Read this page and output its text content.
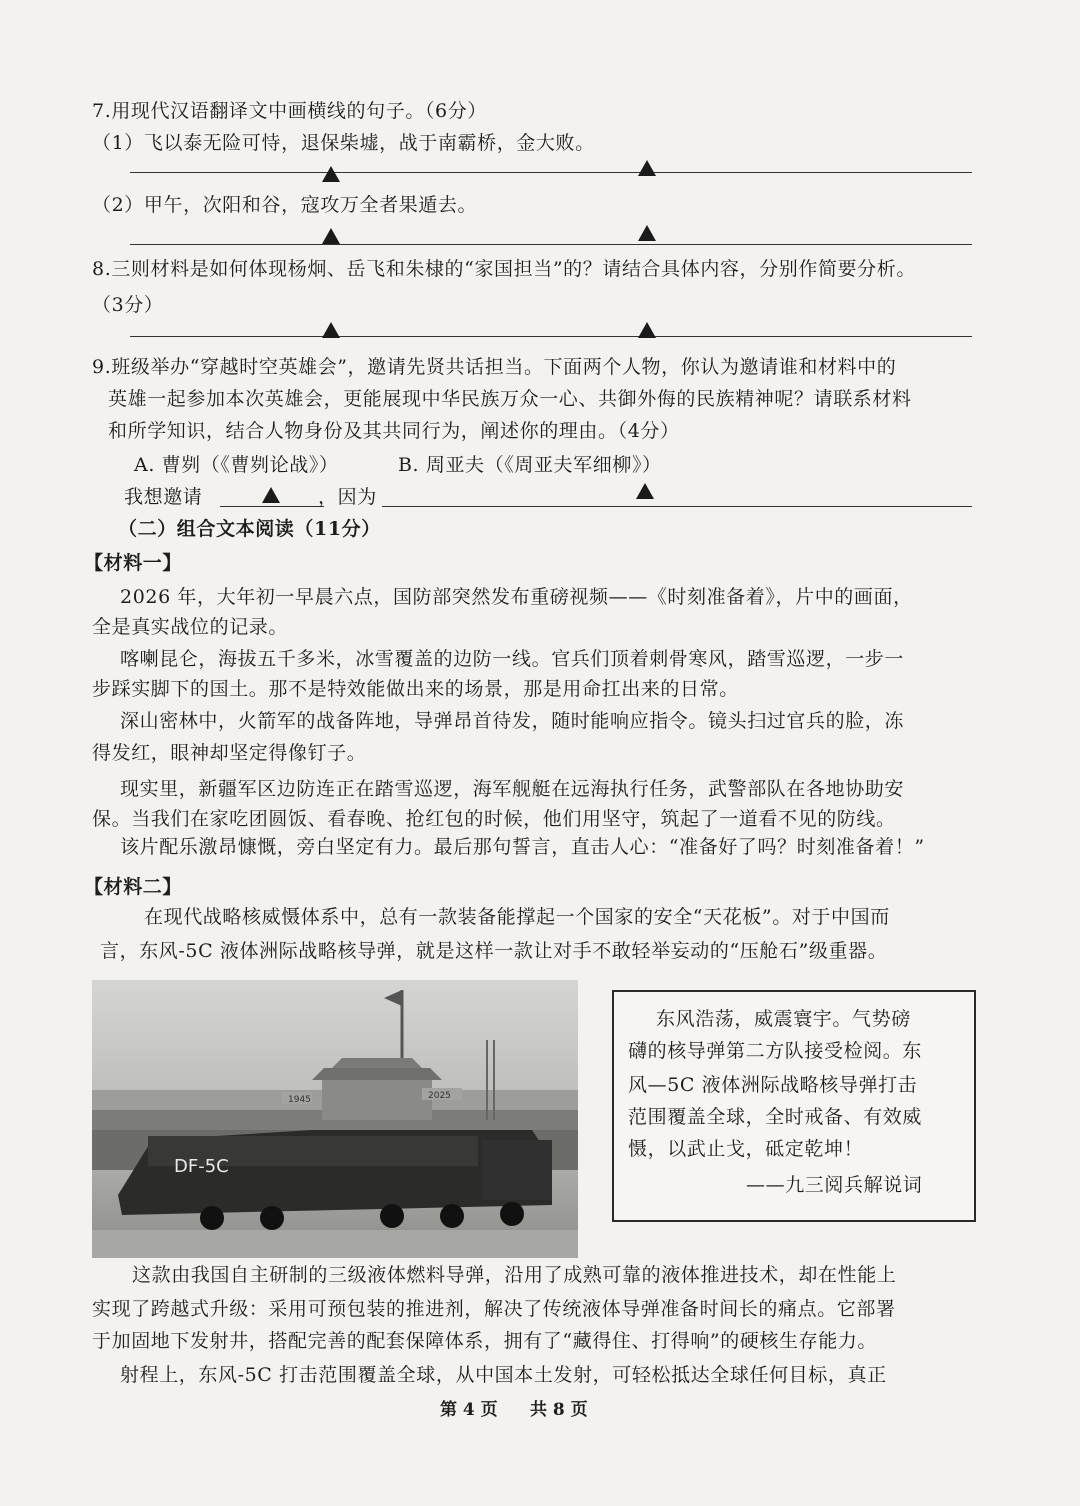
7.用现代汉语翻译文中画横线的句子。（6分）
（1）飞以泰无险可恃，退保柴墟，战于南霸桥，金大败。
（2）甲午，次阳和谷，寇攻万全者果遁去。
8.三则材料是如何体现杨炯、岳飞和朱棣的“家国担当”的？请结合具体内容，分别作简要分析。
（3分）
9.班级举办“穿越时空英雄会”，邀请先贤共话担当。下面两个人物，你认为邀请谁和材料中的
英雄一起参加本次英雄会，更能展现中华民族万众一心、共御外侮的民族精神呢？请联系材料
和所学知识，结合人物身份及其共同行为，阐述你的理由。（4分）
A. 曹刿（《曹刿论战》）	B. 周亚夫（《周亚夫军细柳》）
我想邀请	，因为
（二）组合文本阅读（11分）
【材料一】
2026 年，大年初一早晨六点，国防部突然发布重磅视频——《时刻准备着》，片中的画面，
全是真实战位的记录。
喀喇昆仑，海拔五千多米，冰雪覆盖的边防一线。官兵们顶着刺骨寒风，踏雪巡逻，一步一
步踩实脚下的国土。那不是特效能做出来的场景，那是用命扛出来的日常。
深山密林中，火箭军的战备阵地，导弹昂首待发，随时能响应指令。镜头扫过官兵的脸，冻
得发红，眼神却坚定得像钉子。
现实里，新疆军区边防连正在踏雪巡逻，海军舰艇在远海执行任务，武警部队在各地协助安
保。当我们在家吃团圆饭、看春晚、抢红包的时候，他们用坚守，筑起了一道看不见的防线。
该片配乐激昂慷慨，旁白坚定有力。最后那句誓言，直击人心：“准备好了吗？时刻准备着！”
【材料二】
在现代战略核威慑体系中，总有一款装备能撑起一个国家的安全“天花板”。对于中国而
言，东风-5C 液体洲际战略核导弹，就是这样一款让对手不敢轻举妄动的“压舱石”级重器。
1945	2025
DF-5C
东风浩荡，威震寰宇。气势磅
礴的核导弹第二方队接受检阅。东
风—5C 液体洲际战略核导弹打击
范围覆盖全球，全时戒备、有效威
慑，以武止戈，砥定乾坤！
——九三阅兵解说词
这款由我国自主研制的三级液体燃料导弹，沿用了成熟可靠的液体推进技术，却在性能上
实现了跨越式升级：采用可预包装的推进剂，解决了传统液体导弹准备时间长的痛点。它部署
于加固地下发射井，搭配完善的配套保障体系，拥有了“藏得住、打得响”的硬核生存能力。
射程上，东风-5C 打击范围覆盖全球，从中国本土发射，可轻松抵达全球任何目标，真正
第 4 页 共 8 页
